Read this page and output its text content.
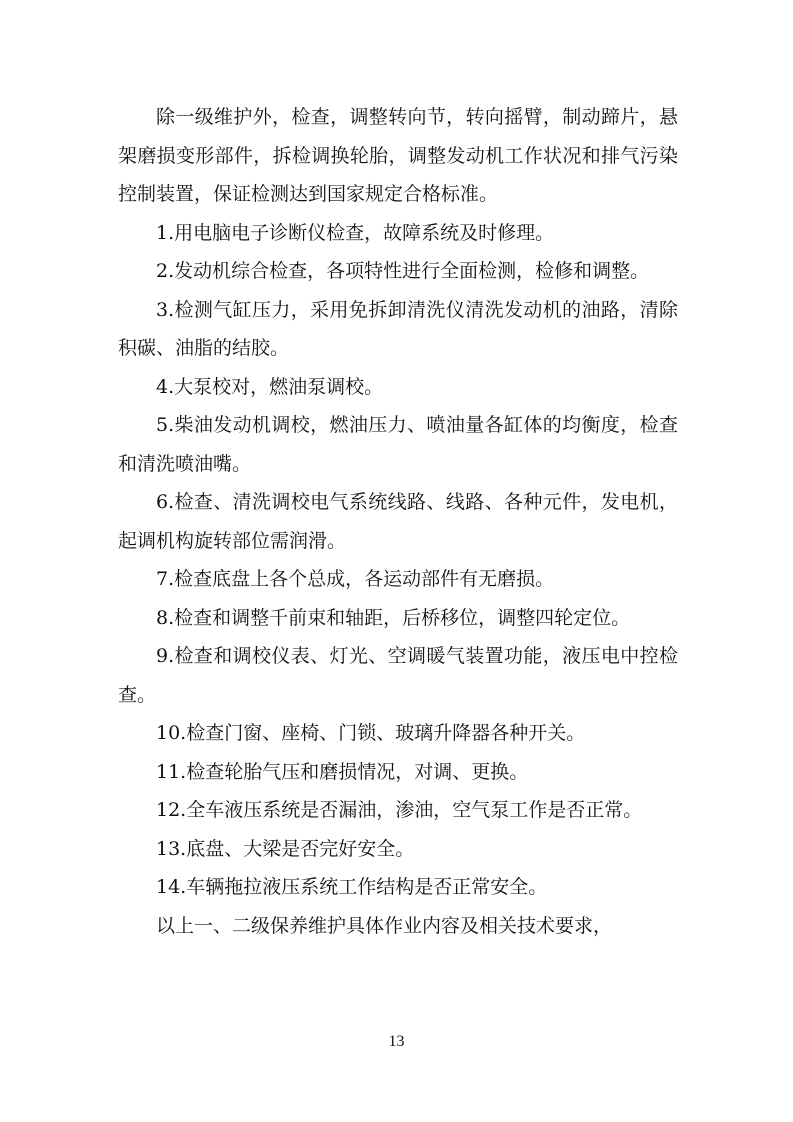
除一级维护外，检查，调整转向节，转向摇臂，制动蹄片，悬架磨损变形部件，拆检调换轮胎，调整发动机工作状况和排气污染控制装置，保证检测达到国家规定合格标准。

1.用电脑电子诊断仪检查，故障系统及时修理。

2.发动机综合检查，各项特性进行全面检测，检修和调整。

3.检测气缸压力，采用免拆卸清洗仪清洗发动机的油路，清除积碳、油脂的结胶。

4.大泵校对，燃油泵调校。

5.柴油发动机调校，燃油压力、喷油量各缸体的均衡度，检查和清洗喷油嘴。

6.检查、清洗调校电气系统线路、线路、各种元件，发电机，起调机构旋转部位需润滑。

7.检查底盘上各个总成，各运动部件有无磨损。

8.检查和调整千前束和轴距，后桥移位，调整四轮定位。

9.检查和调校仪表、灯光、空调暖气装置功能，液压电中控检查。

10.检查门窗、座椅、门锁、玻璃升降器各种开关。

11.检查轮胎气压和磨损情况，对调、更换。

12.全车液压系统是否漏油，渗油，空气泵工作是否正常。

13.底盘、大梁是否完好安全。

14.车辆拖拉液压系统工作结构是否正常安全。

以上一、二级保养维护具体作业内容及相关技术要求，

13
